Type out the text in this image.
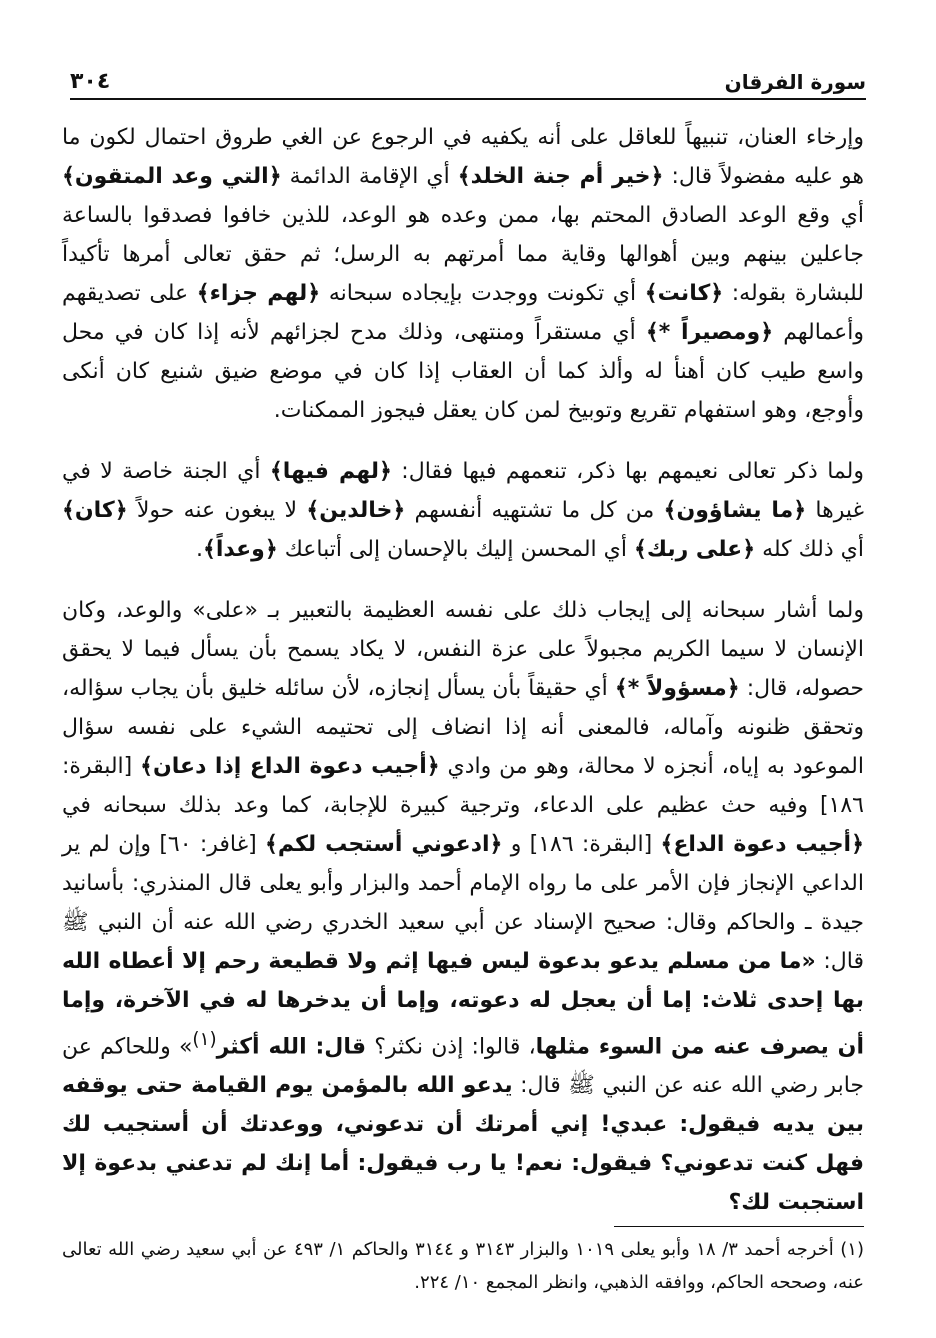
سورة الفرقان
٣٠٤

وإرخاء العنان، تنبيهاً للعاقل على أنه يكفيه في الرجوع عن الغي طروق احتمال لكون ما هو عليه مفضولاً قال: ﴿خير أم جنة الخلد﴾ أي الإقامة الدائمة ﴿التي وعد المتقون﴾ أي وقع الوعد الصادق المحتم بها، ممن وعده هو الوعد، للذين خافوا فصدقوا بالساعة جاعلين بينهم وبين أهوالها وقاية مما أمرتهم به الرسل؛ ثم حقق تعالى أمرها تأكيداً للبشارة بقوله: ﴿كانت﴾ أي تكونت ووجدت بإيجاده سبحانه ﴿لهم جزاء﴾ على تصديقهم وأعمالهم ﴿ومصيراً *﴾ أي مستقراً ومنتهى، وذلك مدح لجزائهم لأنه إذا كان في محل واسع طيب كان أهنأ له وألذ كما أن العقاب إذا كان في موضع ضيق شنيع كان أنكى وأوجع، وهو استفهام تقريع وتوبيخ لمن كان يعقل فيجوز الممكنات.

ولما ذكر تعالى نعيمهم بها ذكر، تنعمهم فيها فقال: ﴿لهم فيها﴾ أي الجنة خاصة لا في غيرها ﴿ما يشاؤون﴾ من كل ما تشتهيه أنفسهم ﴿خالدين﴾ لا يبغون عنه حولاً ﴿كان﴾ أي ذلك كله ﴿على ربك﴾ أي المحسن إليك بالإحسان إلى أتباعك ﴿وعداً﴾.

ولما أشار سبحانه إلى إيجاب ذلك على نفسه العظيمة بالتعبير بـ «على» والوعد، وكان الإنسان لا سيما الكريم مجبولاً على عزة النفس، لا يكاد يسمح بأن يسأل فيما لا يحقق حصوله، قال: ﴿مسؤولاً *﴾ أي حقيقاً بأن يسأل إنجازه، لأن سائله خليق بأن يجاب سؤاله، وتحقق ظنونه وآماله، فالمعنى أنه إذا انضاف إلى تحتيمه الشيء على نفسه سؤال الموعود به إياه، أنجزه لا محالة، وهو من وادي ﴿أجيب دعوة الداع إذا دعان﴾ [البقرة: ١٨٦] وفيه حث عظيم على الدعاء، وترجية كبيرة للإجابة، كما وعد بذلك سبحانه في ﴿أجيب دعوة الداع﴾ [البقرة: ١٨٦] و ﴿ادعوني أستجب لكم﴾ [غافر: ٦٠] وإن لم ير الداعي الإنجاز فإن الأمر على ما رواه الإمام أحمد والبزار وأبو يعلى قال المنذري: بأسانيد جيدة ـ والحاكم وقال: صحيح الإسناد عن أبي سعيد الخدري رضي الله عنه أن النبي ﷺ قال: «ما من مسلم يدعو بدعوة ليس فيها إثم ولا قطيعة رحم إلا أعطاه الله بها إحدى ثلاث: إما أن يعجل له دعوته، وإما أن يدخرها له في الآخرة، وإما أن يصرف عنه من السوء مثلها، قالوا: إذن نكثر؟ قال: الله أكثر$^{(١)}$» وللحاكم عن جابر رضي الله عنه عن النبي ﷺ قال: يدعو الله بالمؤمن يوم القيامة حتى يوقفه بين يديه فيقول: عبدي! إني أمرتك أن تدعوني، ووعدتك أن أستجيب لك فهل كنت تدعوني؟ فيقول: نعم! يا رب فيقول: أما إنك لم تدعني بدعوة إلا استجبت لك؟

(١) أخرجه أحمد ٣/ ١٨ وأبو يعلى ١٠١٩ والبزار ٣١٤٣ و ٣١٤٤ والحاكم ١/ ٤٩٣ عن أبي سعيد رضي الله تعالى عنه، وصححه الحاكم، ووافقه الذهبي، وانظر المجمع ١٠/ ٢٢٤.
